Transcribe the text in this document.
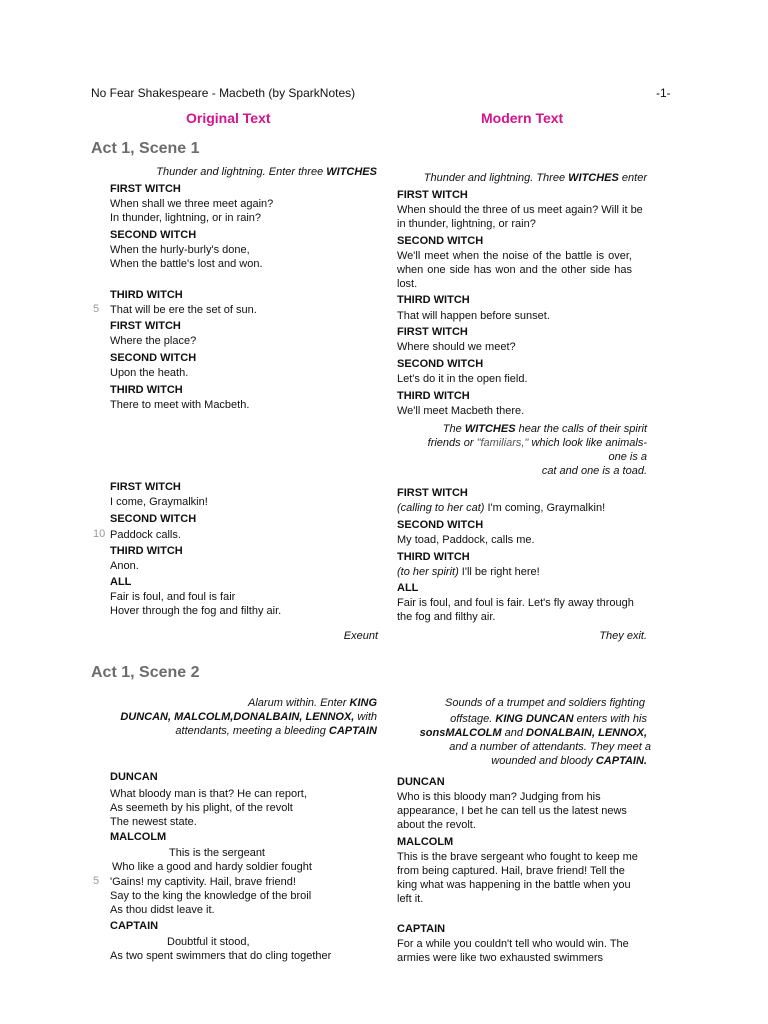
No Fear Shakespeare - Macbeth (by SparkNotes)	-1-
Original Text	Modern Text
Act 1, Scene 1
Thunder and lightning. Enter three WITCHES
FIRST WITCH
When shall we three meet again?
In thunder, lightning, or in rain?
SECOND WITCH
When the hurly-burly's done,
When the battle's lost and won.
THIRD WITCH
5 That will be ere the set of sun.
FIRST WITCH
Where the place?
SECOND WITCH
Upon the heath.
THIRD WITCH
There to meet with Macbeth.
FIRST WITCH
I come, Graymalkin!
SECOND WITCH
10 Paddock calls.
THIRD WITCH
Anon.
ALL
Fair is foul, and foul is fair
Hover through the fog and filthy air.
Exeunt
Thunder and lightning. Three WITCHES enter
FIRST WITCH
When should the three of us meet again? Will it be in thunder, lightning, or rain?
SECOND WITCH
We'll meet when the noise of the battle is over, when one side has won and the other side has lost.
THIRD WITCH
That will happen before sunset.
FIRST WITCH
Where should we meet?
SECOND WITCH
Let's do it in the open field.
THIRD WITCH
We'll meet Macbeth there.
The WITCHES hear the calls of their spirit
friends or "familiars," which look like animals-
one is a
cat and one is a toad.
FIRST WITCH
(calling to her cat) I'm coming, Graymalkin!
SECOND WITCH
My toad, Paddock, calls me.
THIRD WITCH
(to her spirit) I'll be right here!
ALL
Fair is foul, and foul is fair. Let's fly away through the fog and filthy air.
They exit.
Act 1, Scene 2
Alarum within. Enter KING
DUNCAN, MALCOLM,DONALBAIN, LENNOX, with
attendants, meeting a bleeding CAPTAIN
DUNCAN
What bloody man is that? He can report,
As seemeth by his plight, of the revolt
The newest state.
MALCOLM
This is the sergeant
Who like a good and hardy soldier fought
5 'Gains! my captivity. Hail, brave friend!
Say to the king the knowledge of the broil
As thou didst leave it.
CAPTAIN
Doubtful it stood,
As two spent swimmers that do cling together
Sounds of a trumpet and soldiers fighting
offstage. KING DUNCAN enters with his
sonsMALCOLM and DONALBAIN, LENNOX,
and a number of attendants. They meet a
wounded and bloody CAPTAIN.
DUNCAN
Who is this bloody man? Judging from his appearance, I bet he can tell us the latest news about the revolt.
MALCOLM
This is the brave sergeant who fought to keep me from being captured. Hail, brave friend! Tell the king what was happening in the battle when you left it.
CAPTAIN
For a while you couldn't tell who would win. The armies were like two exhausted swimmers
